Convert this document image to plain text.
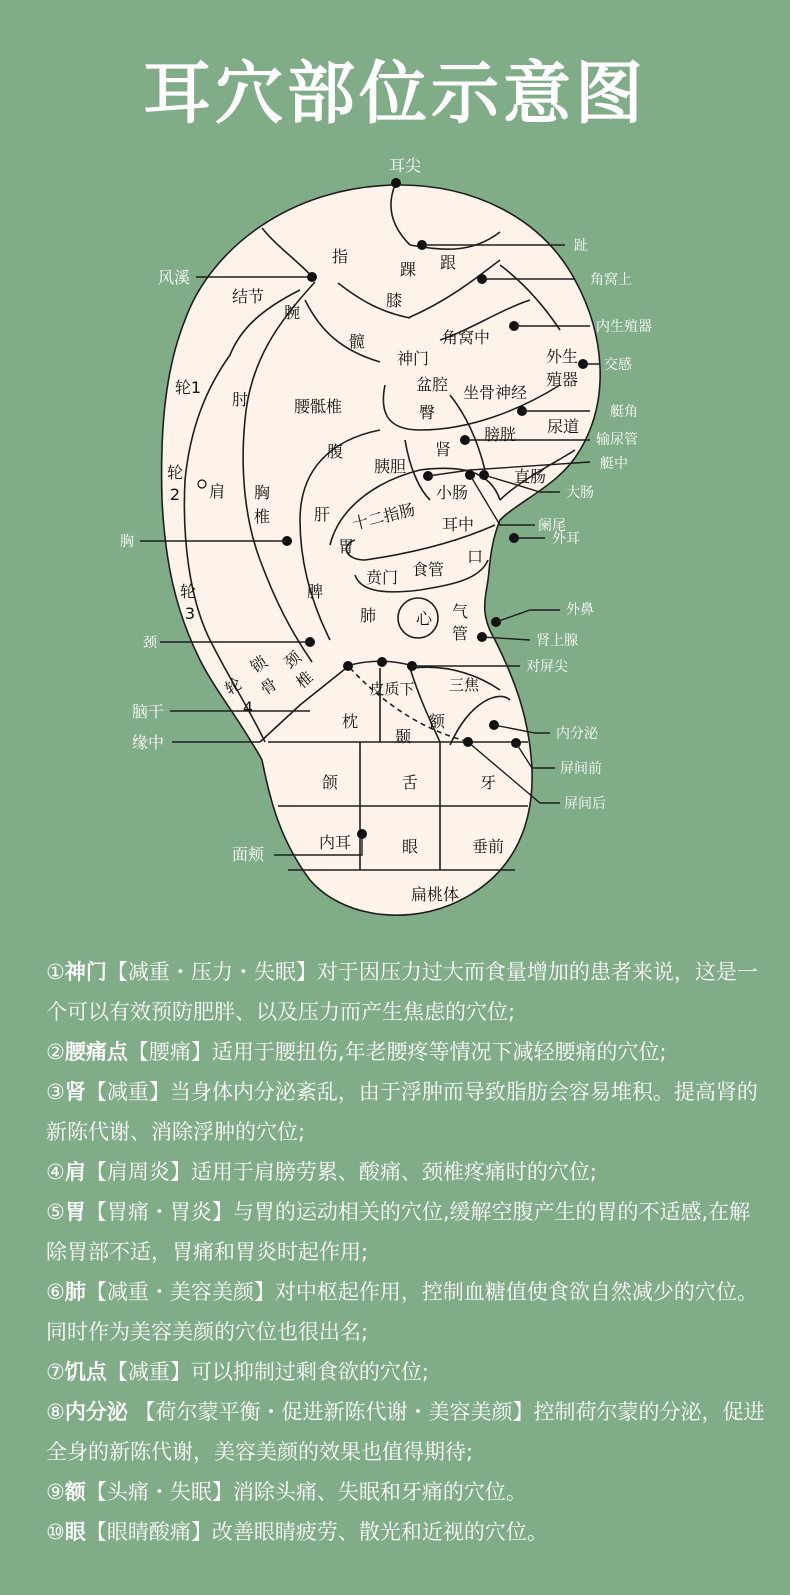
耳穴部位示意图
指
踝 跟
结节
腕
膝
髋	角窝中
神门
盆腔
外生
殖器
坐骨神经
轮1
肘	腰骶椎	臀
尿道
膀胱
肾
腹
胰胆
轮
2 肩 胸
椎	肝
小肠
直肠
十二指肠 耳中
胃
口
轮
3
脾
贲门 食管
肺 心 气
管
轮
4
锁
骨
颈
椎	皮质下 三焦
枕	额
颞
颌	舌	牙
内耳	眼	垂前
扁桃体
耳尖
趾
风溪	角窝上
内生殖器
交感
艇角
输尿管
艇中
大肠
阑尾
外耳
胸
外鼻
肾上腺
颈
对屏尖
脑干
缘中	内分泌
屏间前
屏间后
面颊

①神门【减重・压力・失眠】对于因压力过大而食量增加的患者来说，这是一个可以有效预防肥胖、以及压力而产生焦虑的穴位;

②腰痛点【腰痛】适用于腰扭伤,年老腰疼等情况下减轻腰痛的穴位;

③肾【减重】当身体内分泌紊乱，由于浮肿而导致脂肪会容易堆积。提高肾的新陈代谢、消除浮肿的穴位;

④肩【肩周炎】适用于肩膀劳累、酸痛、颈椎疼痛时的穴位;

⑤胃【胃痛・胃炎】与胃的运动相关的穴位,缓解空腹产生的胃的不适感,在解除胃部不适，胃痛和胃炎时起作用;

⑥肺【减重・美容美颜】对中枢起作用，控制血糖值使食欲自然减少的穴位。同时作为美容美颜的穴位也很出名;

⑦饥点【减重】可以抑制过剩食欲的穴位;

⑧内分泌 【荷尔蒙平衡・促进新陈代谢・美容美颜】控制荷尔蒙的分泌，促进全身的新陈代谢，美容美颜的效果也值得期待;

⑨额【头痛・失眠】消除头痛、失眠和牙痛的穴位。

⑩眼【眼睛酸痛】改善眼睛疲劳、散光和近视的穴位。
